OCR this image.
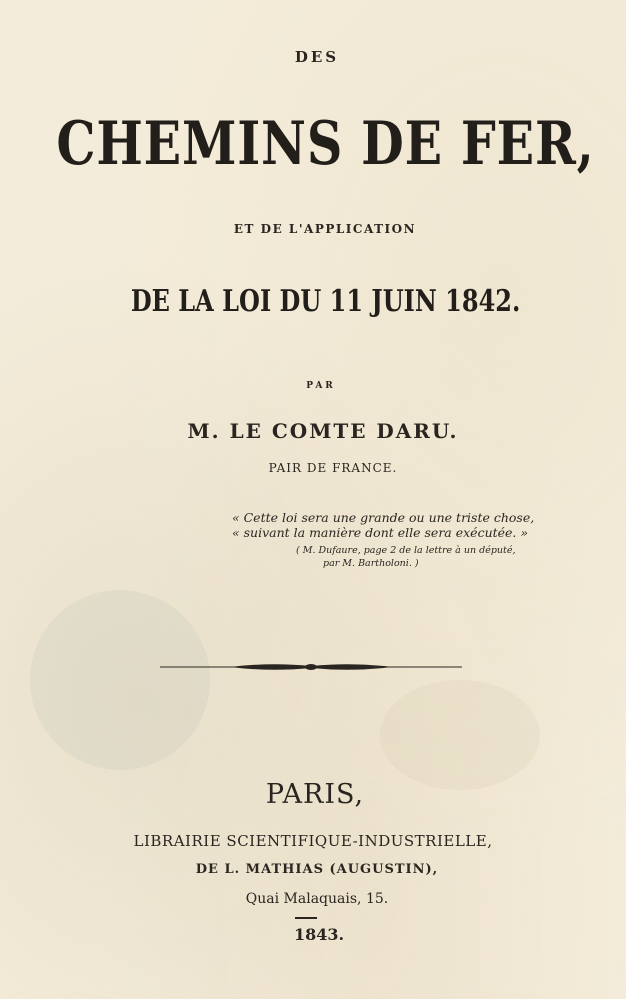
DES
CHEMINS DE FER,
ET DE L'APPLICATION
DE LA LOI DU 11 JUIN 1842.
PAR
M. LE COMTE DARU.
PAIR DE FRANCE.
« Cette loi sera une grande ou une triste chose,
« suivant la manière dont elle sera exécutée. »
( M. Dufaure, page 2 de la lettre à un député,
par M. Bartholoni. )
PARIS,
LIBRAIRIE SCIENTIFIQUE-INDUSTRIELLE,
DE L. MATHIAS (AUGUSTIN),
Quai Malaquais, 15.
1843.
